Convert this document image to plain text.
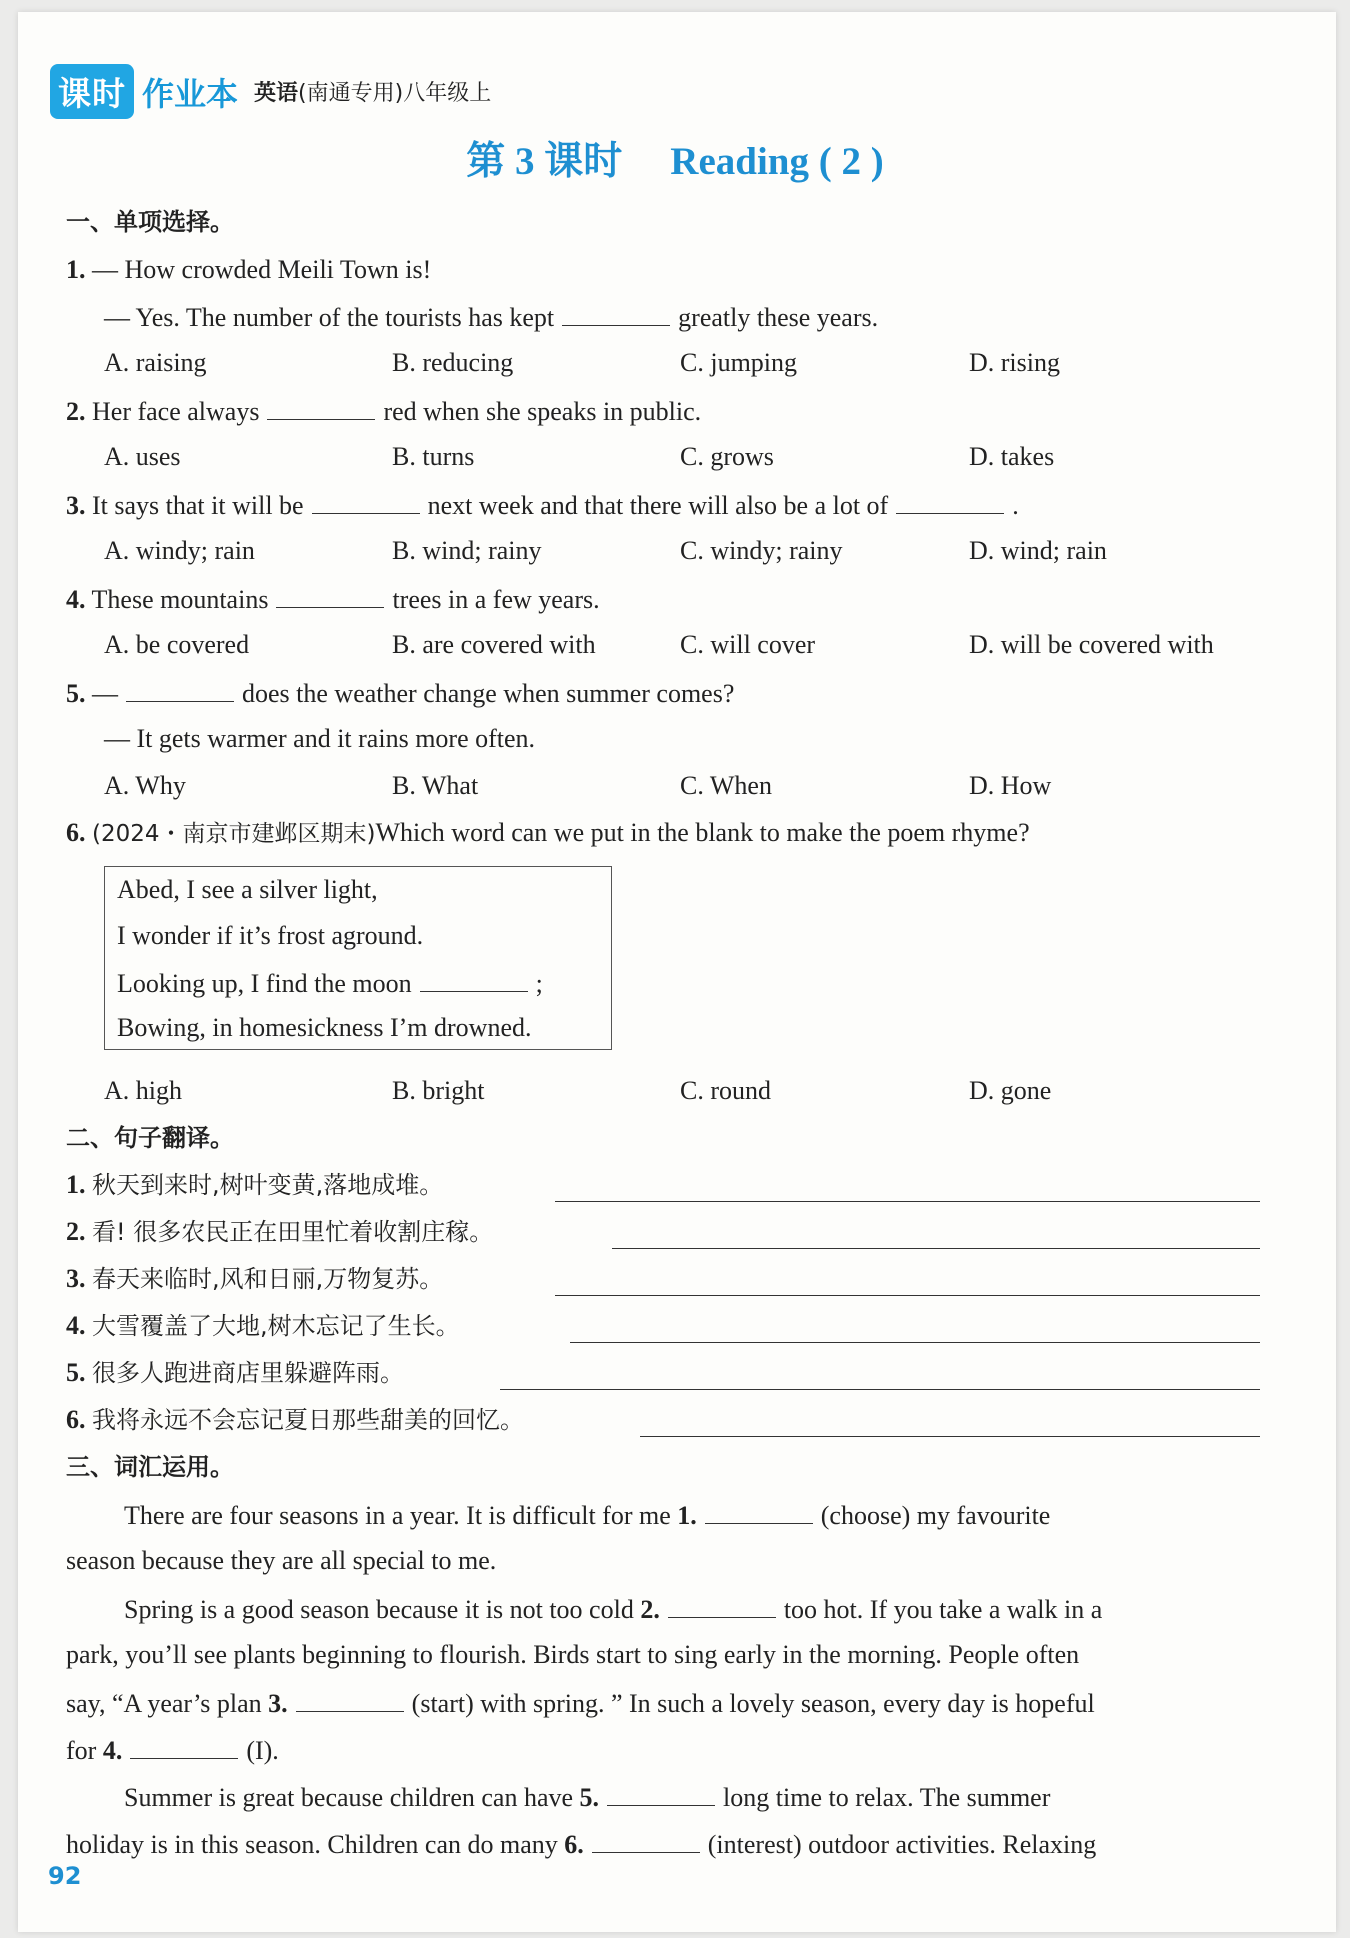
课时 作业本 英语(南通专用)八年级上
第 3 课时 Reading ( 2 )
一、单项选择。
1. — How crowded Meili Town is!
— Yes. The number of the tourists has kept	greatly these years.
A. raising	B. reducing	C. jumping	D. rising
2. Her face always	red when she speaks in public.
A. uses	B. turns	C. grows	D. takes
3. It says that it will be	next week and that there will also be a lot of	.
A. windy; rain	B. wind; rainy	C. windy; rainy	D. wind; rain
4. These mountains	trees in a few years.
A. be covered	B. are covered with	C. will cover	D. will be covered with
5. —	does the weather change when summer comes?
— It gets warmer and it rains more often.
A. Why	B. What	C. When	D. How
6. (2024・南京市建邺区期末)Which word can we put in the blank to make the poem rhyme?
Abed, I see a silver light,
I wonder if it’s frost aground.
Looking up, I find the moon	;
Bowing, in homesickness I’m drowned.
A. high	B. bright	C. round	D. gone
二、句子翻译。
1. 秋天到来时,树叶变黄,落地成堆。
2. 看! 很多农民正在田里忙着收割庄稼。
3. 春天来临时,风和日丽,万物复苏。
4. 大雪覆盖了大地,树木忘记了生长。
5. 很多人跑进商店里躲避阵雨。
6. 我将永远不会忘记夏日那些甜美的回忆。
三、词汇运用。
There are four seasons in a year. It is difficult for me 1.	(choose) my favourite
season because they are all special to me.
Spring is a good season because it is not too cold 2.	too hot. If you take a walk in a
park, you’ll see plants beginning to flourish. Birds start to sing early in the morning. People often
say, “A year’s plan 3.	(start) with spring. ” In such a lovely season, every day is hopeful
for 4.	(I).
Summer is great because children can have 5.	long time to relax. The summer
holiday is in this season. Children can do many 6.	(interest) outdoor activities. Relaxing
92
